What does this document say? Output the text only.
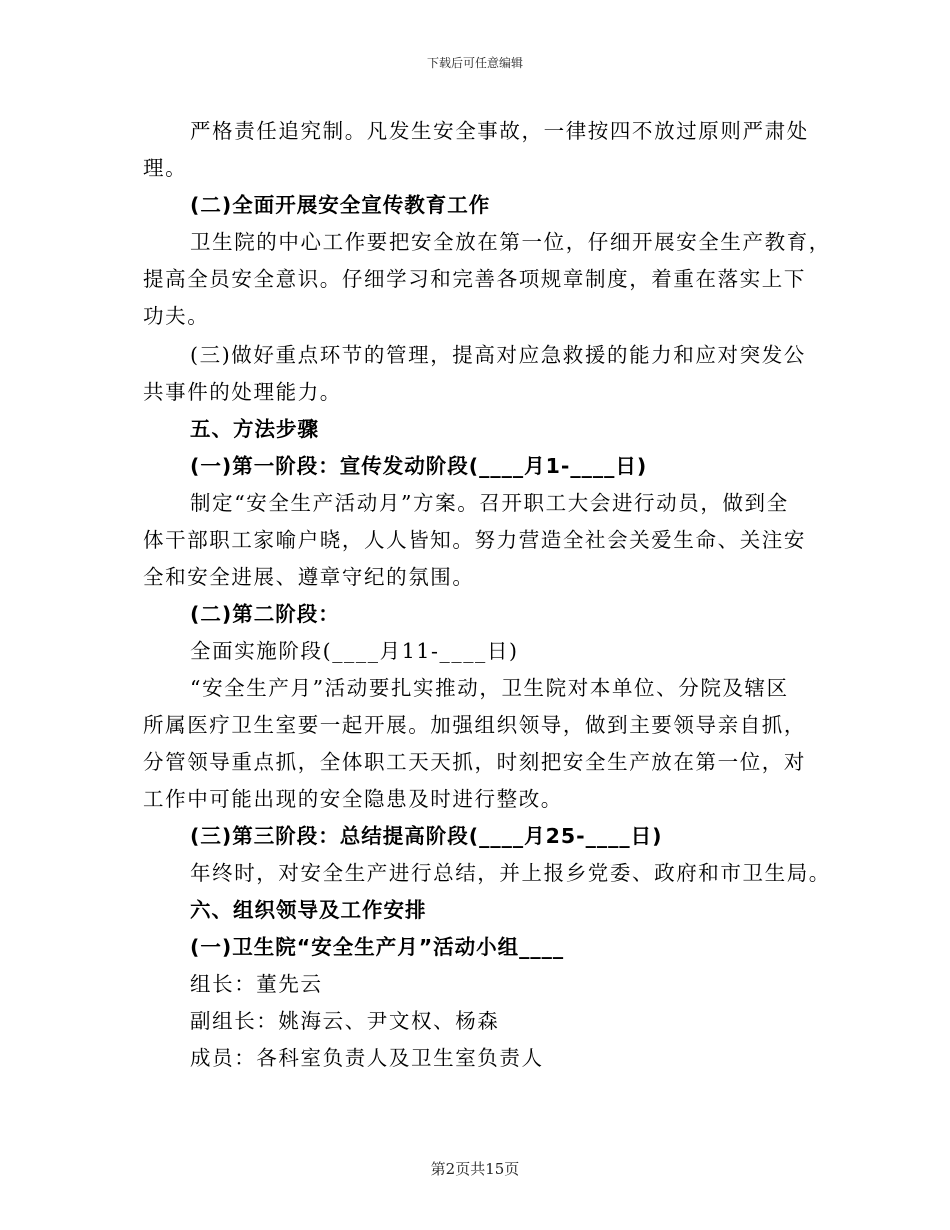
下载后可任意编辑
严格责任追究制。凡发生安全事故，一律按四不放过原则严肃处
理。
(二)全面开展安全宣传教育工作
卫生院的中心工作要把安全放在第一位，仔细开展安全生产教育，
提高全员安全意识。仔细学习和完善各项规章制度，着重在落实上下
功夫。
(三)做好重点环节的管理，提高对应急救援的能力和应对突发公
共事件的处理能力。
五、方法步骤
(一)第一阶段：宣传发动阶段(____月1-____日)
制定“安全生产活动月”方案。召开职工大会进行动员，做到全
体干部职工家喻户晓，人人皆知。努力营造全社会关爱生命、关注安
全和安全进展、遵章守纪的氛围。
(二)第二阶段：
全面实施阶段(____月11-____日)
“安全生产月”活动要扎实推动，卫生院对本单位、分院及辖区
所属医疗卫生室要一起开展。加强组织领导，做到主要领导亲自抓，
分管领导重点抓，全体职工天天抓，时刻把安全生产放在第一位，对
工作中可能出现的安全隐患及时进行整改。
(三)第三阶段：总结提高阶段(____月25-____日)
年终时，对安全生产进行总结，并上报乡党委、政府和市卫生局。
六、组织领导及工作安排
(一)卫生院“安全生产月”活动小组____
组长：董先云
副组长：姚海云、尹文权、杨森
成员：各科室负责人及卫生室负责人
第2页共15页
